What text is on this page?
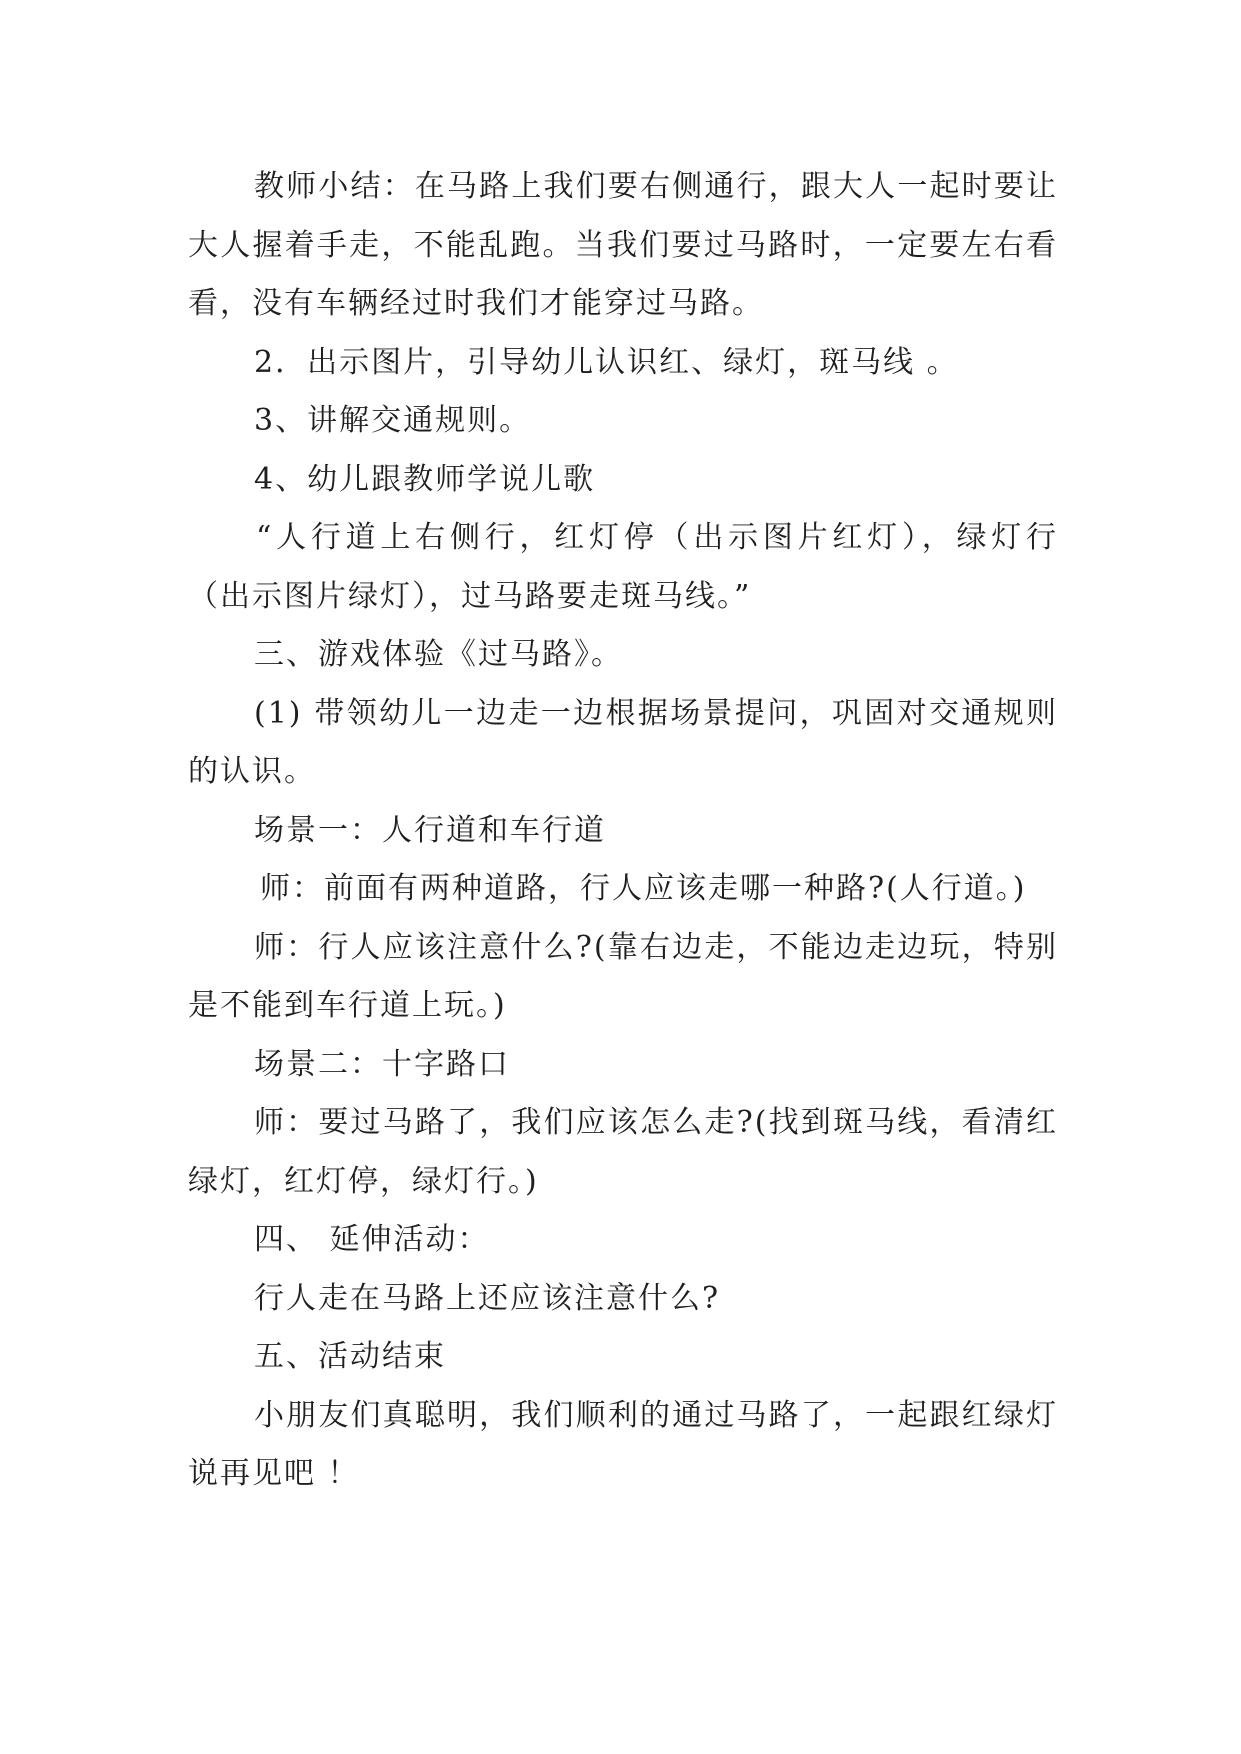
教师小结：在马路上我们要右侧通行，跟大人一起时要让大人握着手走，不能乱跑。当我们要过马路时，一定要左右看看，没有车辆经过时我们才能穿过马路。

2．出示图片，引导幼儿认识红、绿灯，斑马线 。

3、讲解交通规则。

4、幼儿跟教师学说儿歌

“人行道上右侧行，红灯停（出示图片红灯），绿灯行（出示图片绿灯），过马路要走斑马线。”

三、游戏体验《过马路》。

(1) 带领幼儿一边走一边根据场景提问，巩固对交通规则的认识。

场景一：人行道和车行道

师：前面有两种道路，行人应该走哪一种路?(人行道。)

师：行人应该注意什么?(靠右边走，不能边走边玩，特别是不能到车行道上玩。)

场景二：十字路口

师：要过马路了，我们应该怎么走?(找到斑马线，看清红绿灯，红灯停，绿灯行。)

四、 延伸活动：

行人走在马路上还应该注意什么?

五、活动结束

小朋友们真聪明，我们顺利的通过马路了，一起跟红绿灯说再见吧 ！
